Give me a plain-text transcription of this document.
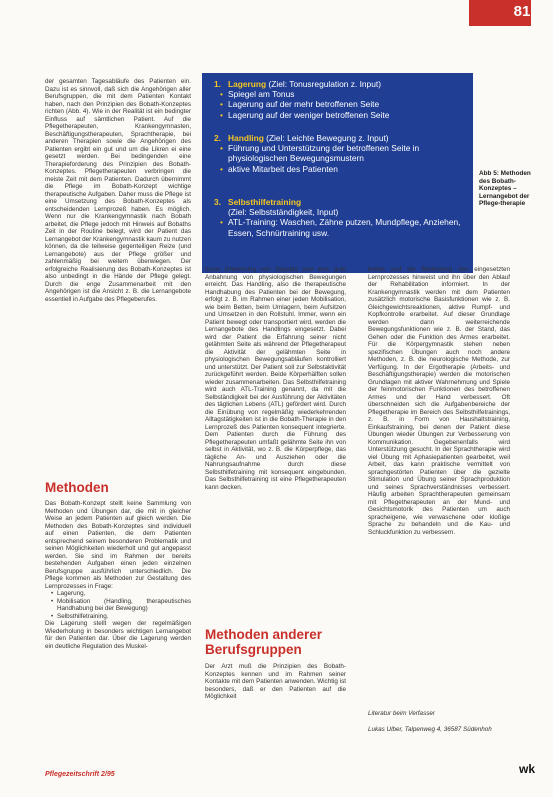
81

der gesamten Tagesabläufe des Patienten ein. Dazu ist es sinnvoll, daß sich die Angehörigen aller Berufsgruppen, die mit dem Patienten Kontakt haben, nach den Prinzipien des Bobath-Konzeptes richten (Abb. 4). Wie in der Realität ist ein bedingter Einfluss auf sämtlichen Patient. Auf die Pflegetherapeuten, Krankengymnasten, Beschäftigungstherapeuten, Sprachtherapie, bei anderen Therapien sowie die Angehörigen des Patienten ergibt ein gut und um die Likren ei eine gesetzt werden. Bei bedingenden eine Therapieforderung des Prinzipien des Bobath-Konzeptes. Pflegetherapeuten verbringen die meiste Zeit mit dem Patienten. Dadurch übernimmt die Pflege im Bobath-Konzept wichtige therapeutische Aufgaben. Daher muss die Pflege ist eine Umsetzung des Bobath-Konzeptes als entscheidenden Lernprozeß haben. Es möglich. Wenn nur die Krankengymnastik nach Bobath arbeitet, die Pflege jedoch mit Hinweis auf Bobaths Zeit in der Routine belegt, wird der Patient das Lernangebot der Krankengymnastik kaum zu nutzen können, da die teilweise gegenteiligen Reize (und Lernangebote) aus der Pflege größer und zahlenmäßig bei weitem überwiegen. Der erfolgreiche Realisierung des Bobath-Konzeptes ist also unbedingt in die Hände der Pflege gelegt. Durch die enge Zusammenarbeit mit den Angehörigen ist die Ansicht z. B. die Lernangebote essentiell in Aufgabe des Pflegeberufes.

Methoden

Das Bobath-Konzept stellt keine Sammlung von Methoden und Übungen dar, die mit in gleicher Weise an jedem Patienten auf gleich werden. Die Methoden des Bobath-Konzeptes sind individuell auf einen Patienten, die dem Patienten entsprechend seinem besonderen Problematik und seinen Möglichkeiten wiederholt und gut angepasst werden. Sie sind im Rahmen der bereits bestehenden Aufgaben einen jeden einzelnen Berufsgruppe ausführlich unterschiedlich. Die Pflege kommen als Methoden zur Gestaltung des Lernprozesses in Frage:

• Lagerung,
• Mobilisation (Handling, therapeutisches Handhabung bei der Bewegung)
• Selbsthilfetraining.

Die Lagerung stellt wegen der regelmäßigen Wiederholung in besonders wichtigen Lernangebot für den Patienten dar. Über die Lagerung werden ein deutliche Regulation des Muskel-

1. Lagerung (Ziel: Tonusregulation z. Input)
• Spiegel am Tonus
• Lagerung auf der mehr betroffenen Seite
• Lagerung auf der weniger betroffenen Seite
2. Handling (Ziel: Leichte Bewegung z. Input)
• Führung und Unterstützung der betroffenen Seite in physiologischen Bewegungsmustern
• aktive Mitarbeit des Patienten
3. Selbsthilfetraining
(Ziel: Selbstständigkeit, Input)
• ATL-Training: Waschen, Zähne putzen, Mundpflege, Anziehen, Essen, Schnürtraining usw.
Abb 5: Methoden des Bobath-Konzeptes – Lernangebot der Pflege-therapie

tonus (Hemmung von Spastik) und eine gute Anbahnung von physiologischen Bewegungen erreicht. Das Handling, also die therapeutische Handhabung des Patienten bei der Bewegung, erfolgt z. B. im Rahmen einer jeden Mobilisation, wie beim Betten, beim Umlagern, beim Aufsitzen und Umsetzen in den Rollstuhl. Immer, wenn ein Patient bewegt oder transportiert wird, werden die Lernangebote des Handlings eingesetzt. Dabei wird der Patient die Erfahrung seiner nicht gelähmten Seite als während der Pflegetherapeut die Aktivität der gelähmten Seite in physiologischen Bewegungsabläufen kontrolliert und unterstützt. Der Patient soll zur Selbstaktivität zurückgeführt werden. Beide Körperhälften sollen wieder zusammenarbeiten. Das Selbsthilfetraining wird auch ATL-Training genannt, da mit die Selbständigkeit bei der Ausführung der Aktivitäten des täglichen Lebens (ATL) gefördert wird. Durch die Einübung von regelmäßig wiederkehrenden Alltagstätigkeiten ist in die Bobath-Therapie in den Lernprozeß des Patienten konsequent integrierte. Dem Patienten durch die Führung des Pflegetherapeuten umfaßt gelähmte Seite ihn von selbst in Aktivität, wo z. B. die Körperpflege, das tägliche An- und Ausziehen oder die Nahrungsaufnahme durch diese Selbsthilfetraining mit konsequent eingebunden. Das Selbsthilfetraining ist eine Pflegetherapeuten kann decken.

Methoden anderer Berufsgruppen

Der Arzt muß die Prinzipien des Bobath-Konzeptes kennen und im Rahmen seiner Kontakte mit dem Patienten anwenden. Wichtig ist besonders, daß er den Patienten auf die Möglichkeit

keiten und die Bedeutung des eingesetzten Lernprozesses hinweist und ihn über den Ablauf der Rehabilitation informiert. In der Krankengymnastik werden mit dem Patienten zusätzlich motorische Basisfunktionen wie z. B. Gleichgewichtsreaktionen, aktive Rumpf- und Kopfkontrolle erarbeitet. Auf dieser Grundlage werden dann weiterreichende Bewegungsfunktionen wie z. B. der Stand, das Gehen oder die Funktion des Armes erarbeitet. Für die Körpergymnastik stehen neben spezifischen Übungen auch noch andere Methoden, z. B. die neurologische Methode, zur Verfügung. In der Ergotherapie (Arbeits- und Beschäftigungstherapie) werden die motorischen Grundlagen mit aktiver Wahrnehmung und Spiele der feinmotorischen Funktionen des betroffenen Armes und der Hand verbessert. Oft überschneiden sich die Aufgabenbereiche der Pflegetherapie im Bereich des Selbsthilfetrainings, z. B. in Form von Haushaltstraining, Einkaufstraining, bei denen der Patient diese Übungen wieder Übungen zur Verbesserung von Kommunikation. Gegebenenfalls wird Unterstützung gesucht. In der Sprachtherapie wird viel Übung mit Aphasiepatienten gearbeitet, weil Arbeit, das kann praktische vermittelt von sprachgestörten Patienten über die gezielte Stimulation und Übung seiner Sprachproduktion und seines Sprachverständnisses verbessert. Häufig arbeiten Sprachtherapeuten gemeinsam mit Pflegetherapeuten an der Mund- und Gesichtsmotorik des Patienten um auch spracheigene, wie verwaschene oder kloßige Sprache zu behandeln und die Kau- und Schluckfunktion zu verbessern.

Literatur beim Verfasser

Lukas Ulber, Talpenweg 4, 36587 Südenhoh

Pflegezeitschrift 2/95	wk
